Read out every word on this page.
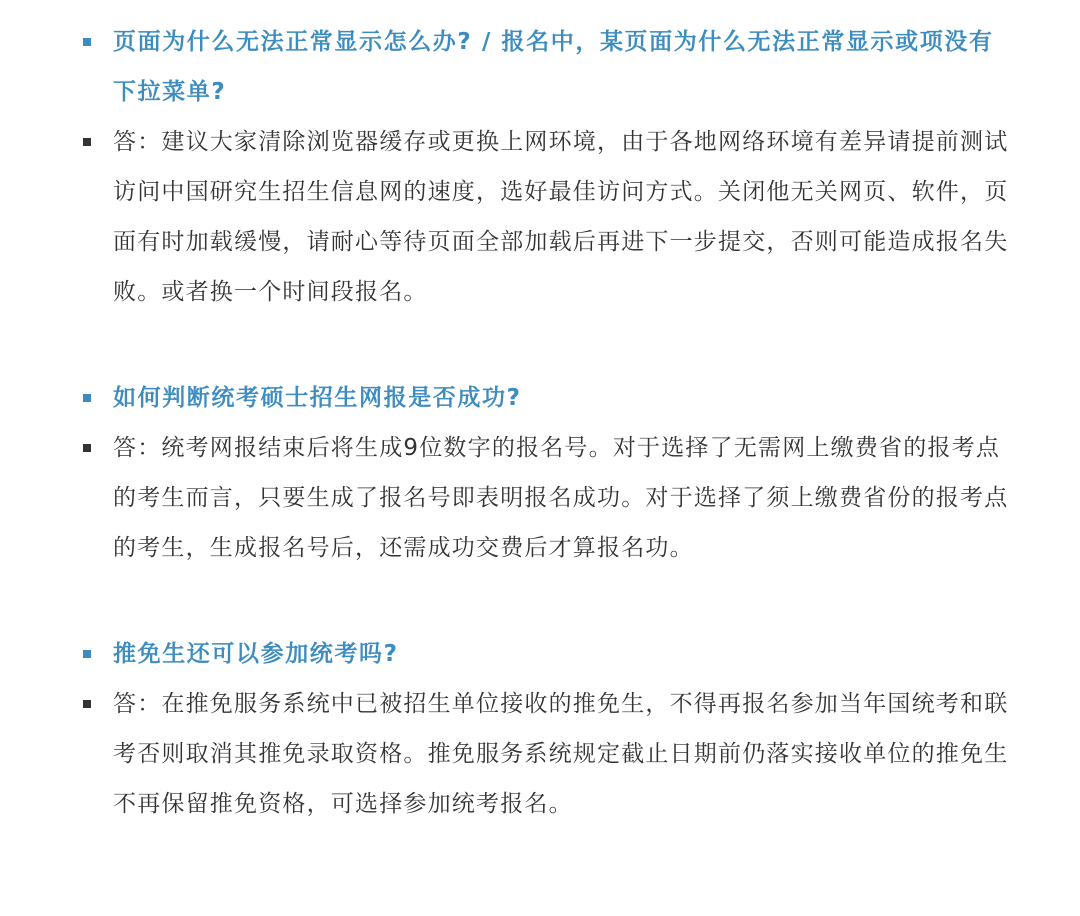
页面为什么无法正常显示怎么办? / 报名中，某页面为什么无法正常显示或项没有下拉菜单?
答：建议大家清除浏览器缓存或更换上网环境，由于各地网络环境有差异请提前测试访问中国研究生招生信息网的速度，选好最佳访问方式。关闭他无关网页、软件，页面有时加载缓慢，请耐心等待页面全部加载后再进下一步提交，否则可能造成报名失败。或者换一个时间段报名。
如何判断统考硕士招生网报是否成功?
答：统考网报结束后将生成9位数字的报名号。对于选择了无需网上缴费省的报考点的考生而言，只要生成了报名号即表明报名成功。对于选择了须上缴费省份的报考点的考生，生成报名号后，还需成功交费后才算报名功。
推免生还可以参加统考吗?
答：在推免服务系统中已被招生单位接收的推免生，不得再报名参加当年国统考和联考否则取消其推免录取资格。推免服务系统规定截止日期前仍落实接收单位的推免生不再保留推免资格，可选择参加统考报名。
